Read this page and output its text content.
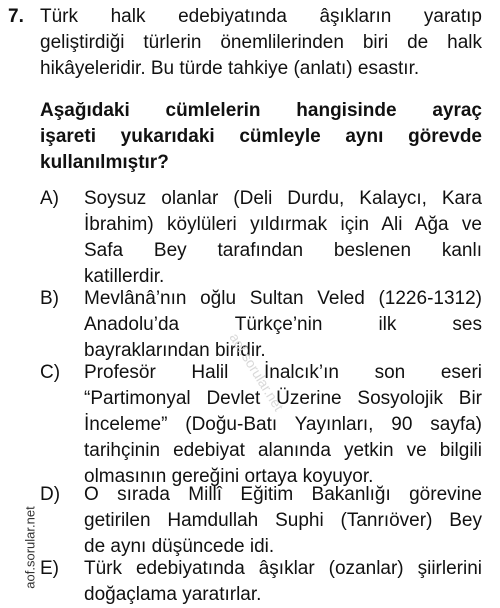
7. Türk halk edebiyatında âşıkların yaratıp
geliştirdiği türlerin önemlilerinden biri de halk
hikâyeleridir. Bu türde tahkiye (anlatı) esastır.
Aşağıdaki cümlelerin hangisinde ayraç
işareti yukarıdaki cümleyle aynı görevde
kullanılmıştır?
A) Soysuz olanlar (Deli Durdu, Kalaycı, Kara
İbrahim) köylüleri yıldırmak için Ali Ağa ve
Safa Bey tarafından beslenen kanlı
katillerdir.
B) Mevlânâ’nın oğlu Sultan Veled (1226-1312)
Anadolu’da Türkçe’nin ilk ses
bayraklarından biridir.
C) Profesör Halil İnalcık’ın son eseri
“Partimonyal Devlet Üzerine Sosyolojik Bir
İnceleme” (Doğu-Batı Yayınları, 90 sayfa)
tarihçinin edebiyat alanında yetkin ve bilgili
olmasının gereğini ortaya koyuyor.
D) O sırada Millî Eğitim Bakanlığı görevine
getirilen Hamdullah Suphi (Tanrıöver) Bey
de aynı düşüncede idi.
E) Türk edebiyatında âşıklar (ozanlar) şiirlerini
doğaçlama yaratırlar.
aof.sorular.net
aof.sorular.net
